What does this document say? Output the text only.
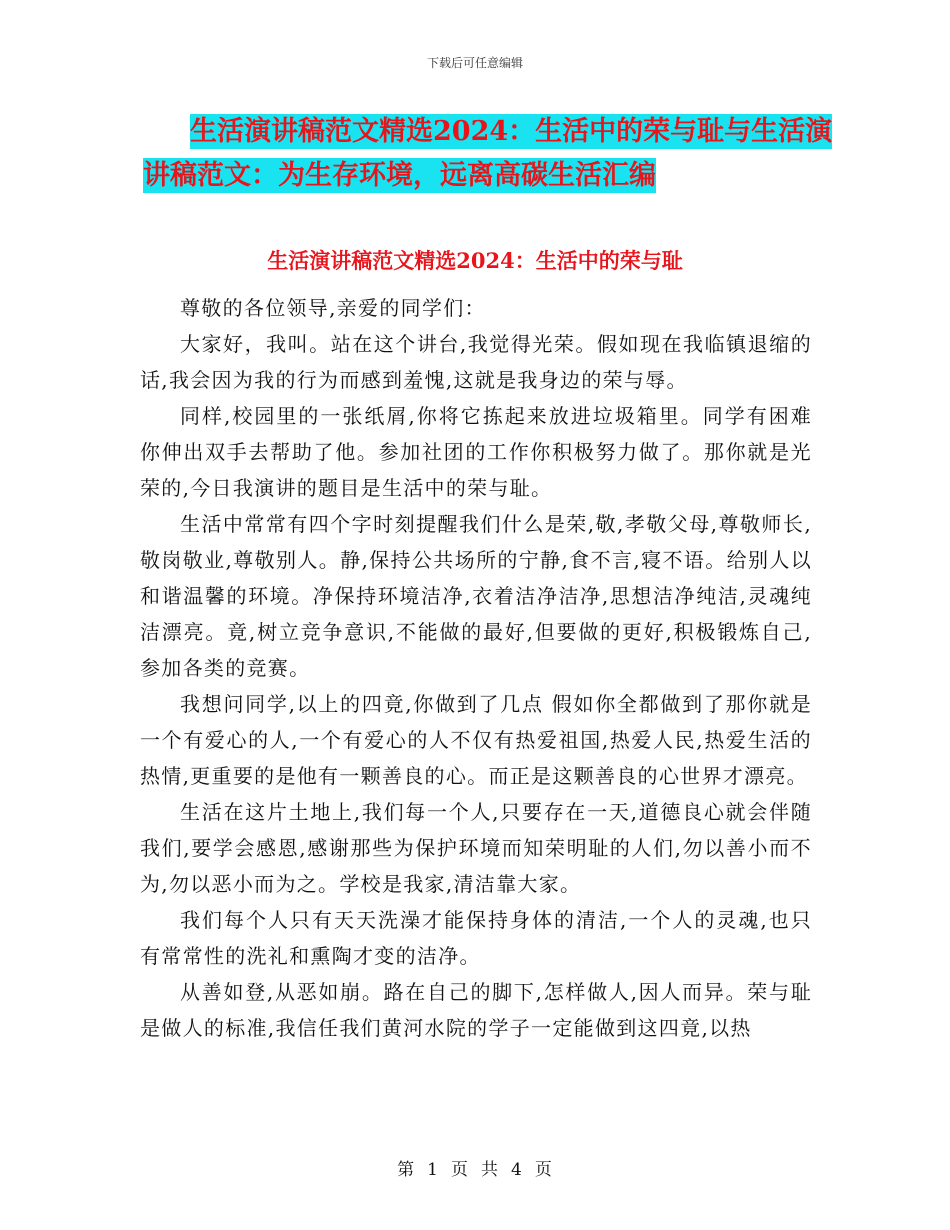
下载后可任意编辑
生活演讲稿范文精选2024：生活中的荣与耻与生活演
讲稿范文：为生存环境，远离高碳生活汇编
生活演讲稿范文精选2024：生活中的荣与耻

尊敬的各位领导,亲爱的同学们：

大家好，我叫。站在这个讲台,我觉得光荣。假如现在我临镇退缩的话,我会因为我的行为而感到羞愧,这就是我身边的荣与辱。

同样,校园里的一张纸屑,你将它拣起来放进垃圾箱里。同学有困难你伸出双手去帮助了他。参加社团的工作你积极努力做了。那你就是光荣的,今日我演讲的题目是生活中的荣与耻。

生活中常常有四个字时刻提醒我们什么是荣,敬,孝敬父母,尊敬师长,敬岗敬业,尊敬别人。静,保持公共场所的宁静,食不言,寝不语。给别人以和谐温馨的环境。净保持环境洁净,衣着洁净洁净,思想洁净纯洁,灵魂纯洁漂亮。竟,树立竞争意识,不能做的最好,但要做的更好,积极锻炼自己,参加各类的竞赛。

我想问同学,以上的四竟,你做到了几点 假如你全都做到了那你就是一个有爱心的人,一个有爱心的人不仅有热爱祖国,热爱人民,热爱生活的热情,更重要的是他有一颗善良的心。而正是这颗善良的心世界才漂亮。

生活在这片土地上,我们每一个人,只要存在一天,道德良心就会伴随我们,要学会感恩,感谢那些为保护环境而知荣明耻的人们,勿以善小而不为,勿以恶小而为之。学校是我家,清洁靠大家。

我们每个人只有天天洗澡才能保持身体的清洁,一个人的灵魂,也只有常常性的洗礼和熏陶才变的洁净。

从善如登,从恶如崩。路在自己的脚下,怎样做人,因人而异。荣与耻是做人的标准,我信任我们黄河水院的学子一定能做到这四竟,以热

第 1 页 共 4 页
